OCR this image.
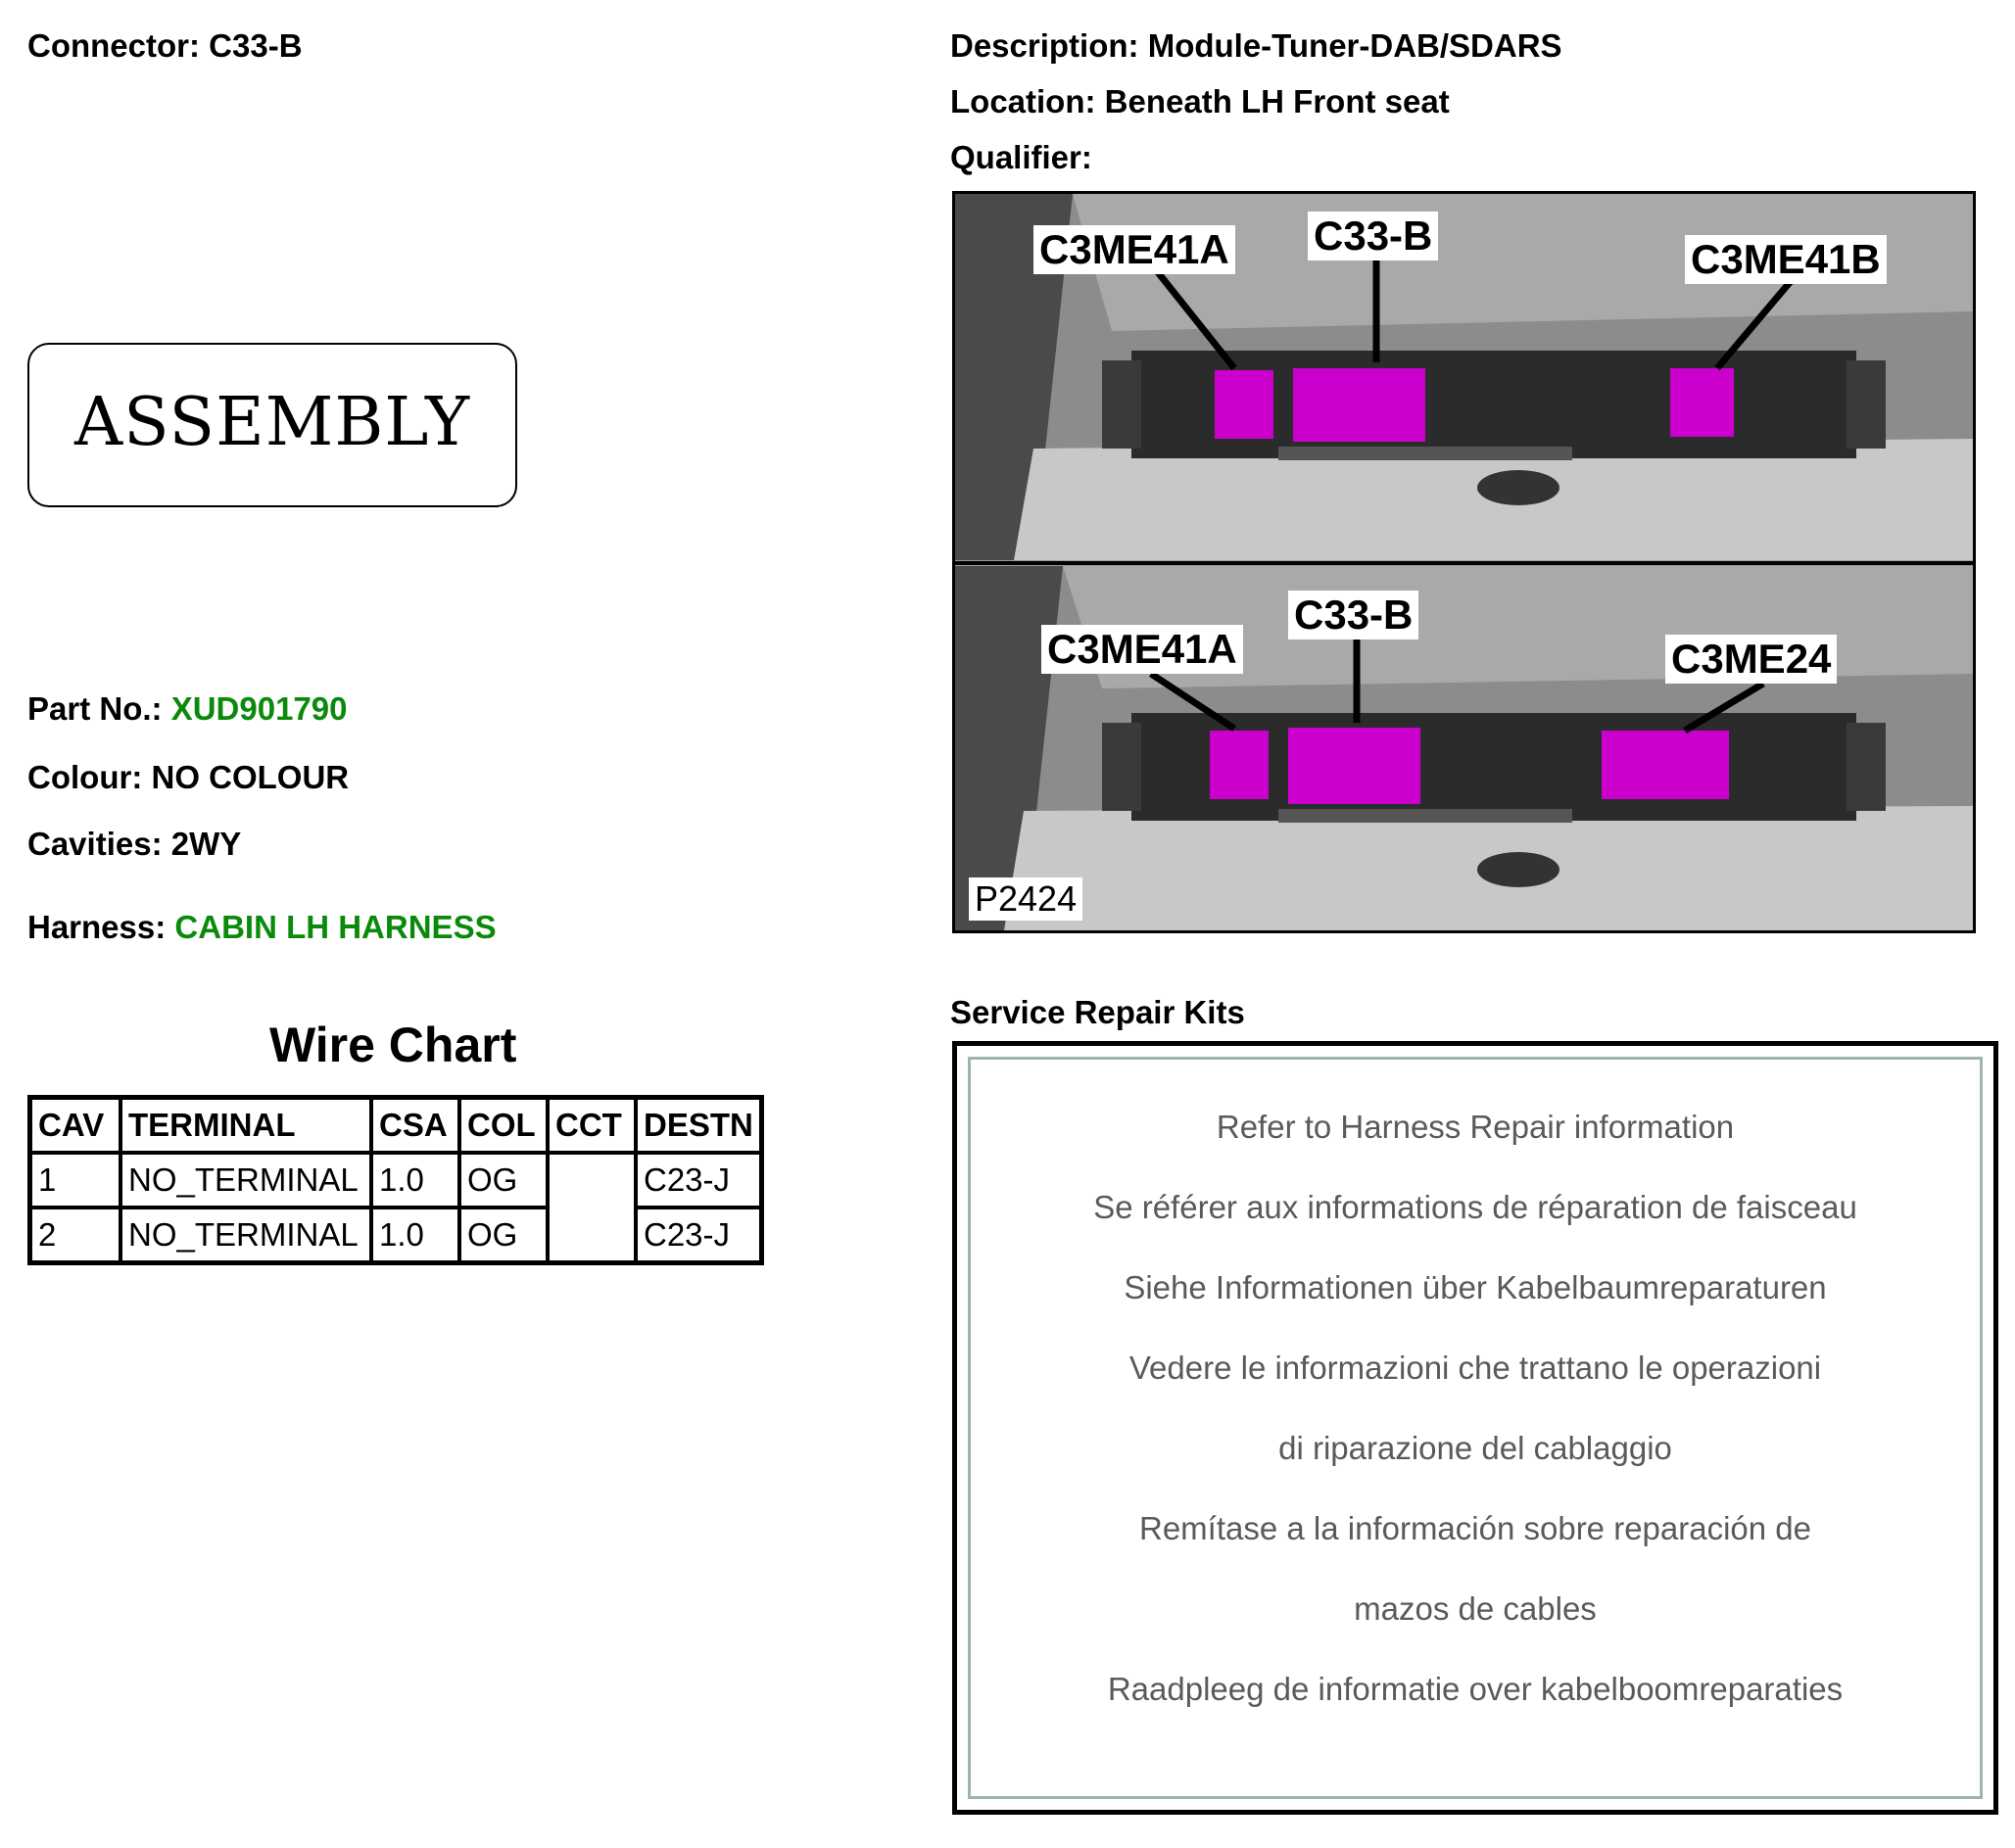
Connector: C33-B
ASSEMBLY
Part No.: XUD901790
Colour: NO COLOUR
Cavities: 2WY
Harness: CABIN LH HARNESS
Wire Chart
CAV	TERMINAL	CSA	COL	CCT	DESTN
1	NO_TERMINAL	1.0	OG		C23-J
2	NO_TERMINAL	1.0	OG		C23-J
Description: Module-Tuner-DAB/SDARS
Location: Beneath LH Front seat
Qualifier:
C3ME41A C33-B
C3ME41B
C3ME41A
C33-B
C3ME24
P2424
Service Repair Kits
Refer to Harness Repair information
Se référer aux informations de réparation de faisceau
Siehe Informationen über Kabelbaumreparaturen
Vedere le informazioni che trattano le operazioni
di riparazione del cablaggio
Remítase a la información sobre reparación de
mazos de cables
Raadpleeg de informatie over kabelboomreparaties
